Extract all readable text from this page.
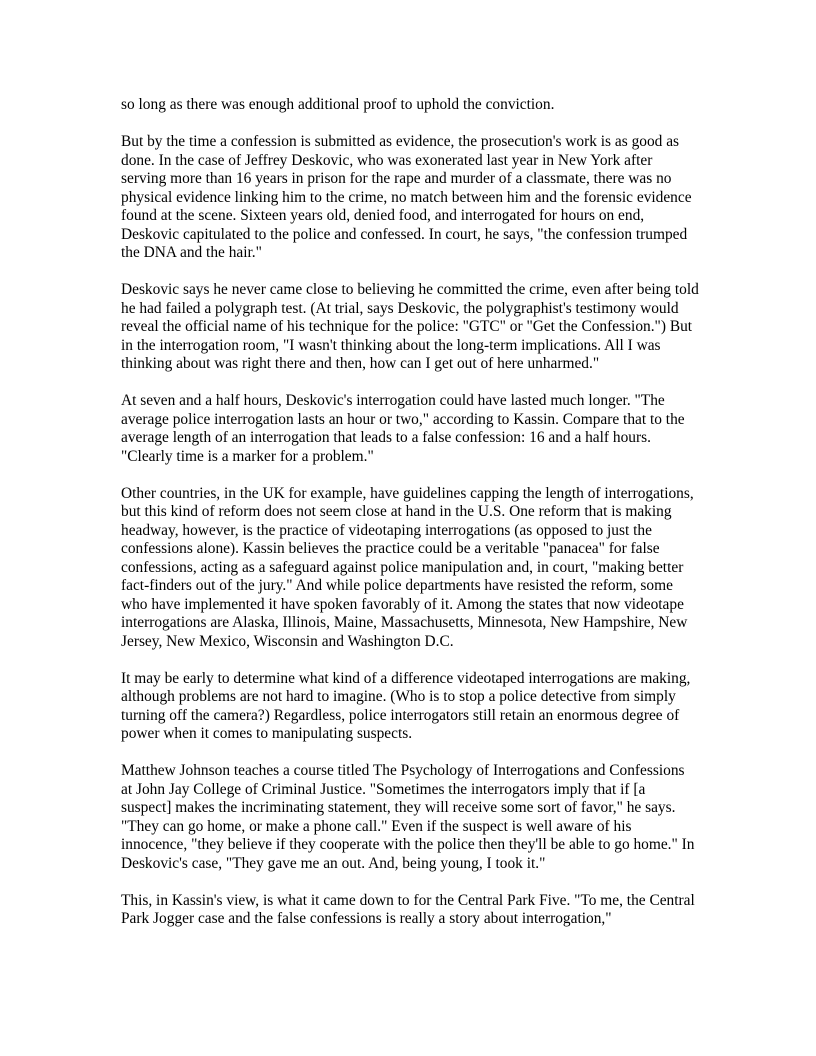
so long as there was enough additional proof to uphold the conviction.

But by the time a confession is submitted as evidence, the prosecution's work is as good as done. In the case of Jeffrey Deskovic, who was exonerated last year in New York after serving more than 16 years in prison for the rape and murder of a classmate, there was no physical evidence linking him to the crime, no match between him and the forensic evidence found at the scene. Sixteen years old, denied food, and interrogated for hours on end, Deskovic capitulated to the police and confessed. In court, he says, "the confession trumped the DNA and the hair."

Deskovic says he never came close to believing he committed the crime, even after being told he had failed a polygraph test. (At trial, says Deskovic, the polygraphist's testimony would reveal the official name of his technique for the police: "GTC" or "Get the Confession.") But in the interrogation room, "I wasn't thinking about the long-term implications. All I was thinking about was right there and then, how can I get out of here unharmed."

At seven and a half hours, Deskovic's interrogation could have lasted much longer. "The average police interrogation lasts an hour or two," according to Kassin. Compare that to the average length of an interrogation that leads to a false confession: 16 and a half hours. "Clearly time is a marker for a problem."

Other countries, in the UK for example, have guidelines capping the length of interrogations, but this kind of reform does not seem close at hand in the U.S. One reform that is making headway, however, is the practice of videotaping interrogations (as opposed to just the confessions alone). Kassin believes the practice could be a veritable "panacea" for false confessions, acting as a safeguard against police manipulation and, in court, "making better fact-finders out of the jury." And while police departments have resisted the reform, some who have implemented it have spoken favorably of it. Among the states that now videotape interrogations are Alaska, Illinois, Maine, Massachusetts, Minnesota, New Hampshire, New Jersey, New Mexico, Wisconsin and Washington D.C.

It may be early to determine what kind of a difference videotaped interrogations are making, although problems are not hard to imagine. (Who is to stop a police detective from simply turning off the camera?) Regardless, police interrogators still retain an enormous degree of power when it comes to manipulating suspects.

Matthew Johnson teaches a course titled The Psychology of Interrogations and Confessions at John Jay College of Criminal Justice. "Sometimes the interrogators imply that if [a suspect] makes the incriminating statement, they will receive some sort of favor," he says. "They can go home, or make a phone call." Even if the suspect is well aware of his innocence, "they believe if they cooperate with the police then they'll be able to go home." In Deskovic's case, "They gave me an out. And, being young, I took it."

This, in Kassin's view, is what it came down to for the Central Park Five. "To me, the Central Park Jogger case and the false confessions is really a story about interrogation,"
